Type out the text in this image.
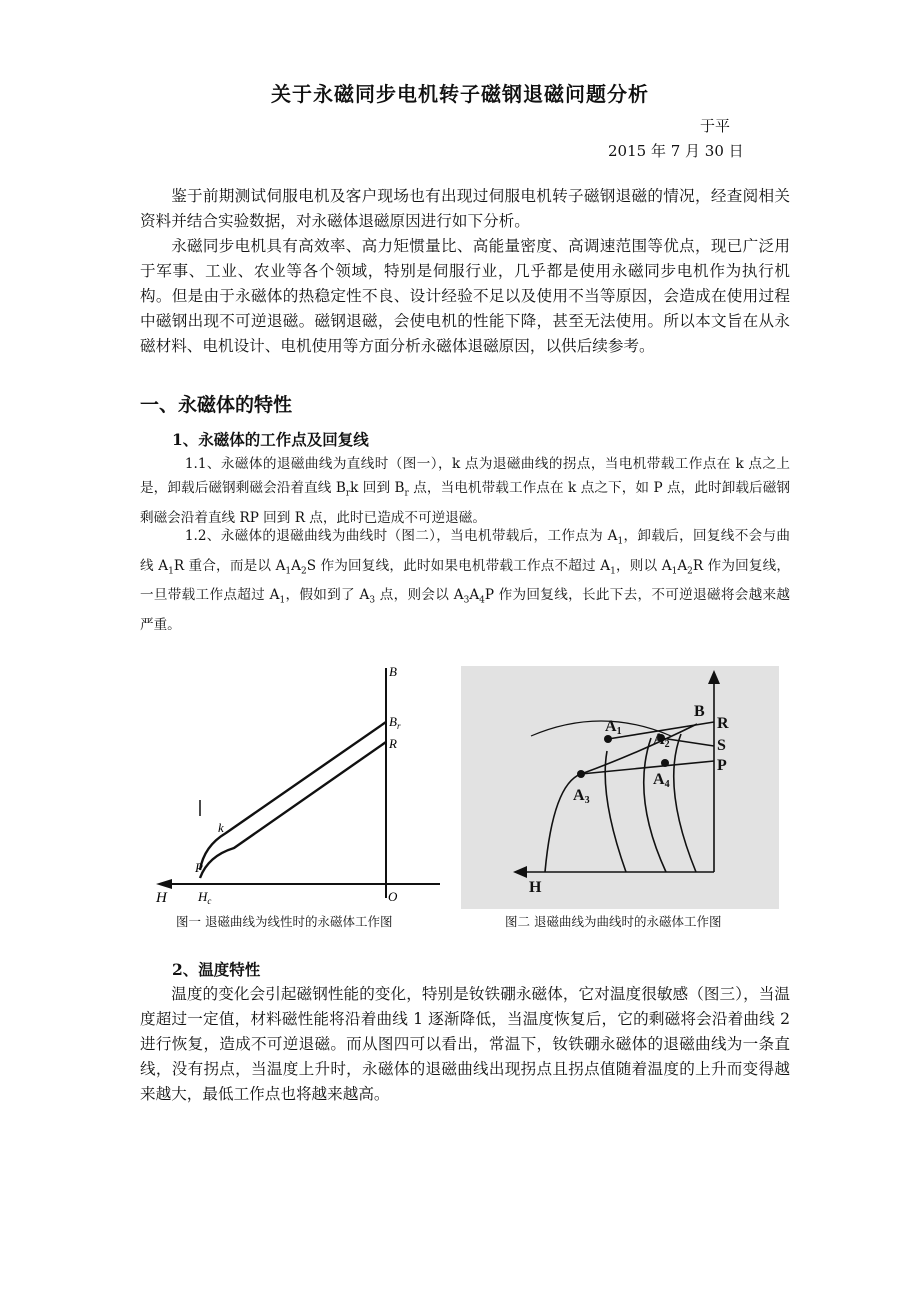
关于永磁同步电机转子磁钢退磁问题分析
于平
2015 年 7 月 30 日

鉴于前期测试伺服电机及客户现场也有出现过伺服电机转子磁钢退磁的情况，经查阅相关资料并结合实验数据，对永磁体退磁原因进行如下分析。

永磁同步电机具有高效率、高力矩惯量比、高能量密度、高调速范围等优点，现已广泛用于军事、工业、农业等各个领域，特别是伺服行业，几乎都是使用永磁同步电机作为执行机构。但是由于永磁体的热稳定性不良、设计经验不足以及使用不当等原因，会造成在使用过程中磁钢出现不可逆退磁。磁钢退磁，会使电机的性能下降，甚至无法使用。所以本文旨在从永磁材料、电机设计、电机使用等方面分析永磁体退磁原因，以供后续参考。

一、永磁体的特性
1、永磁体的工作点及回复线

1.1、永磁体的退磁曲线为直线时（图一），k 点为退磁曲线的拐点，当电机带载工作点在 k 点之上是，卸载后磁钢剩磁会沿着直线 $B_rk$ 回到 $B_r$ 点，当电机带载工作点在 k 点之下，如 P 点，此时卸载后磁钢剩磁会沿着直线 RP 回到 R 点，此时已造成不可逆退磁。

1.2、永磁体的退磁曲线为曲线时（图二），当电机带载后，工作点为 $A_1$，卸载后，回复线不会与曲线 $A_1R$ 重合，而是以 $A_1A_2S$ 作为回复线，此时如果电机带载工作点不超过 $A_1$，则以 $A_1A_2R$ 作为回复线，一旦带载工作点超过 $A_1$，假如到了 $A_3$ 点，则会以 $A_3A_4P$ 作为回复线，长此下去，不可逆退磁将会越来越严重。

B
$B_r$
R
k
P
H $H_c$	O
B
R
S
P
A1 A2
A4
A3
H
图一 退磁曲线为线性时的永磁体工作图	图二 退磁曲线为曲线时的永磁体工作图
2、温度特性

温度的变化会引起磁钢性能的变化，特别是钕铁硼永磁体，它对温度很敏感（图三），当温度超过一定值，材料磁性能将沿着曲线 1 逐渐降低，当温度恢复后，它的剩磁将会沿着曲线 2 进行恢复，造成不可逆退磁。而从图四可以看出，常温下，钕铁硼永磁体的退磁曲线为一条直线，没有拐点，当温度上升时，永磁体的退磁曲线出现拐点且拐点值随着温度的上升而变得越来越大，最低工作点也将越来越高。
